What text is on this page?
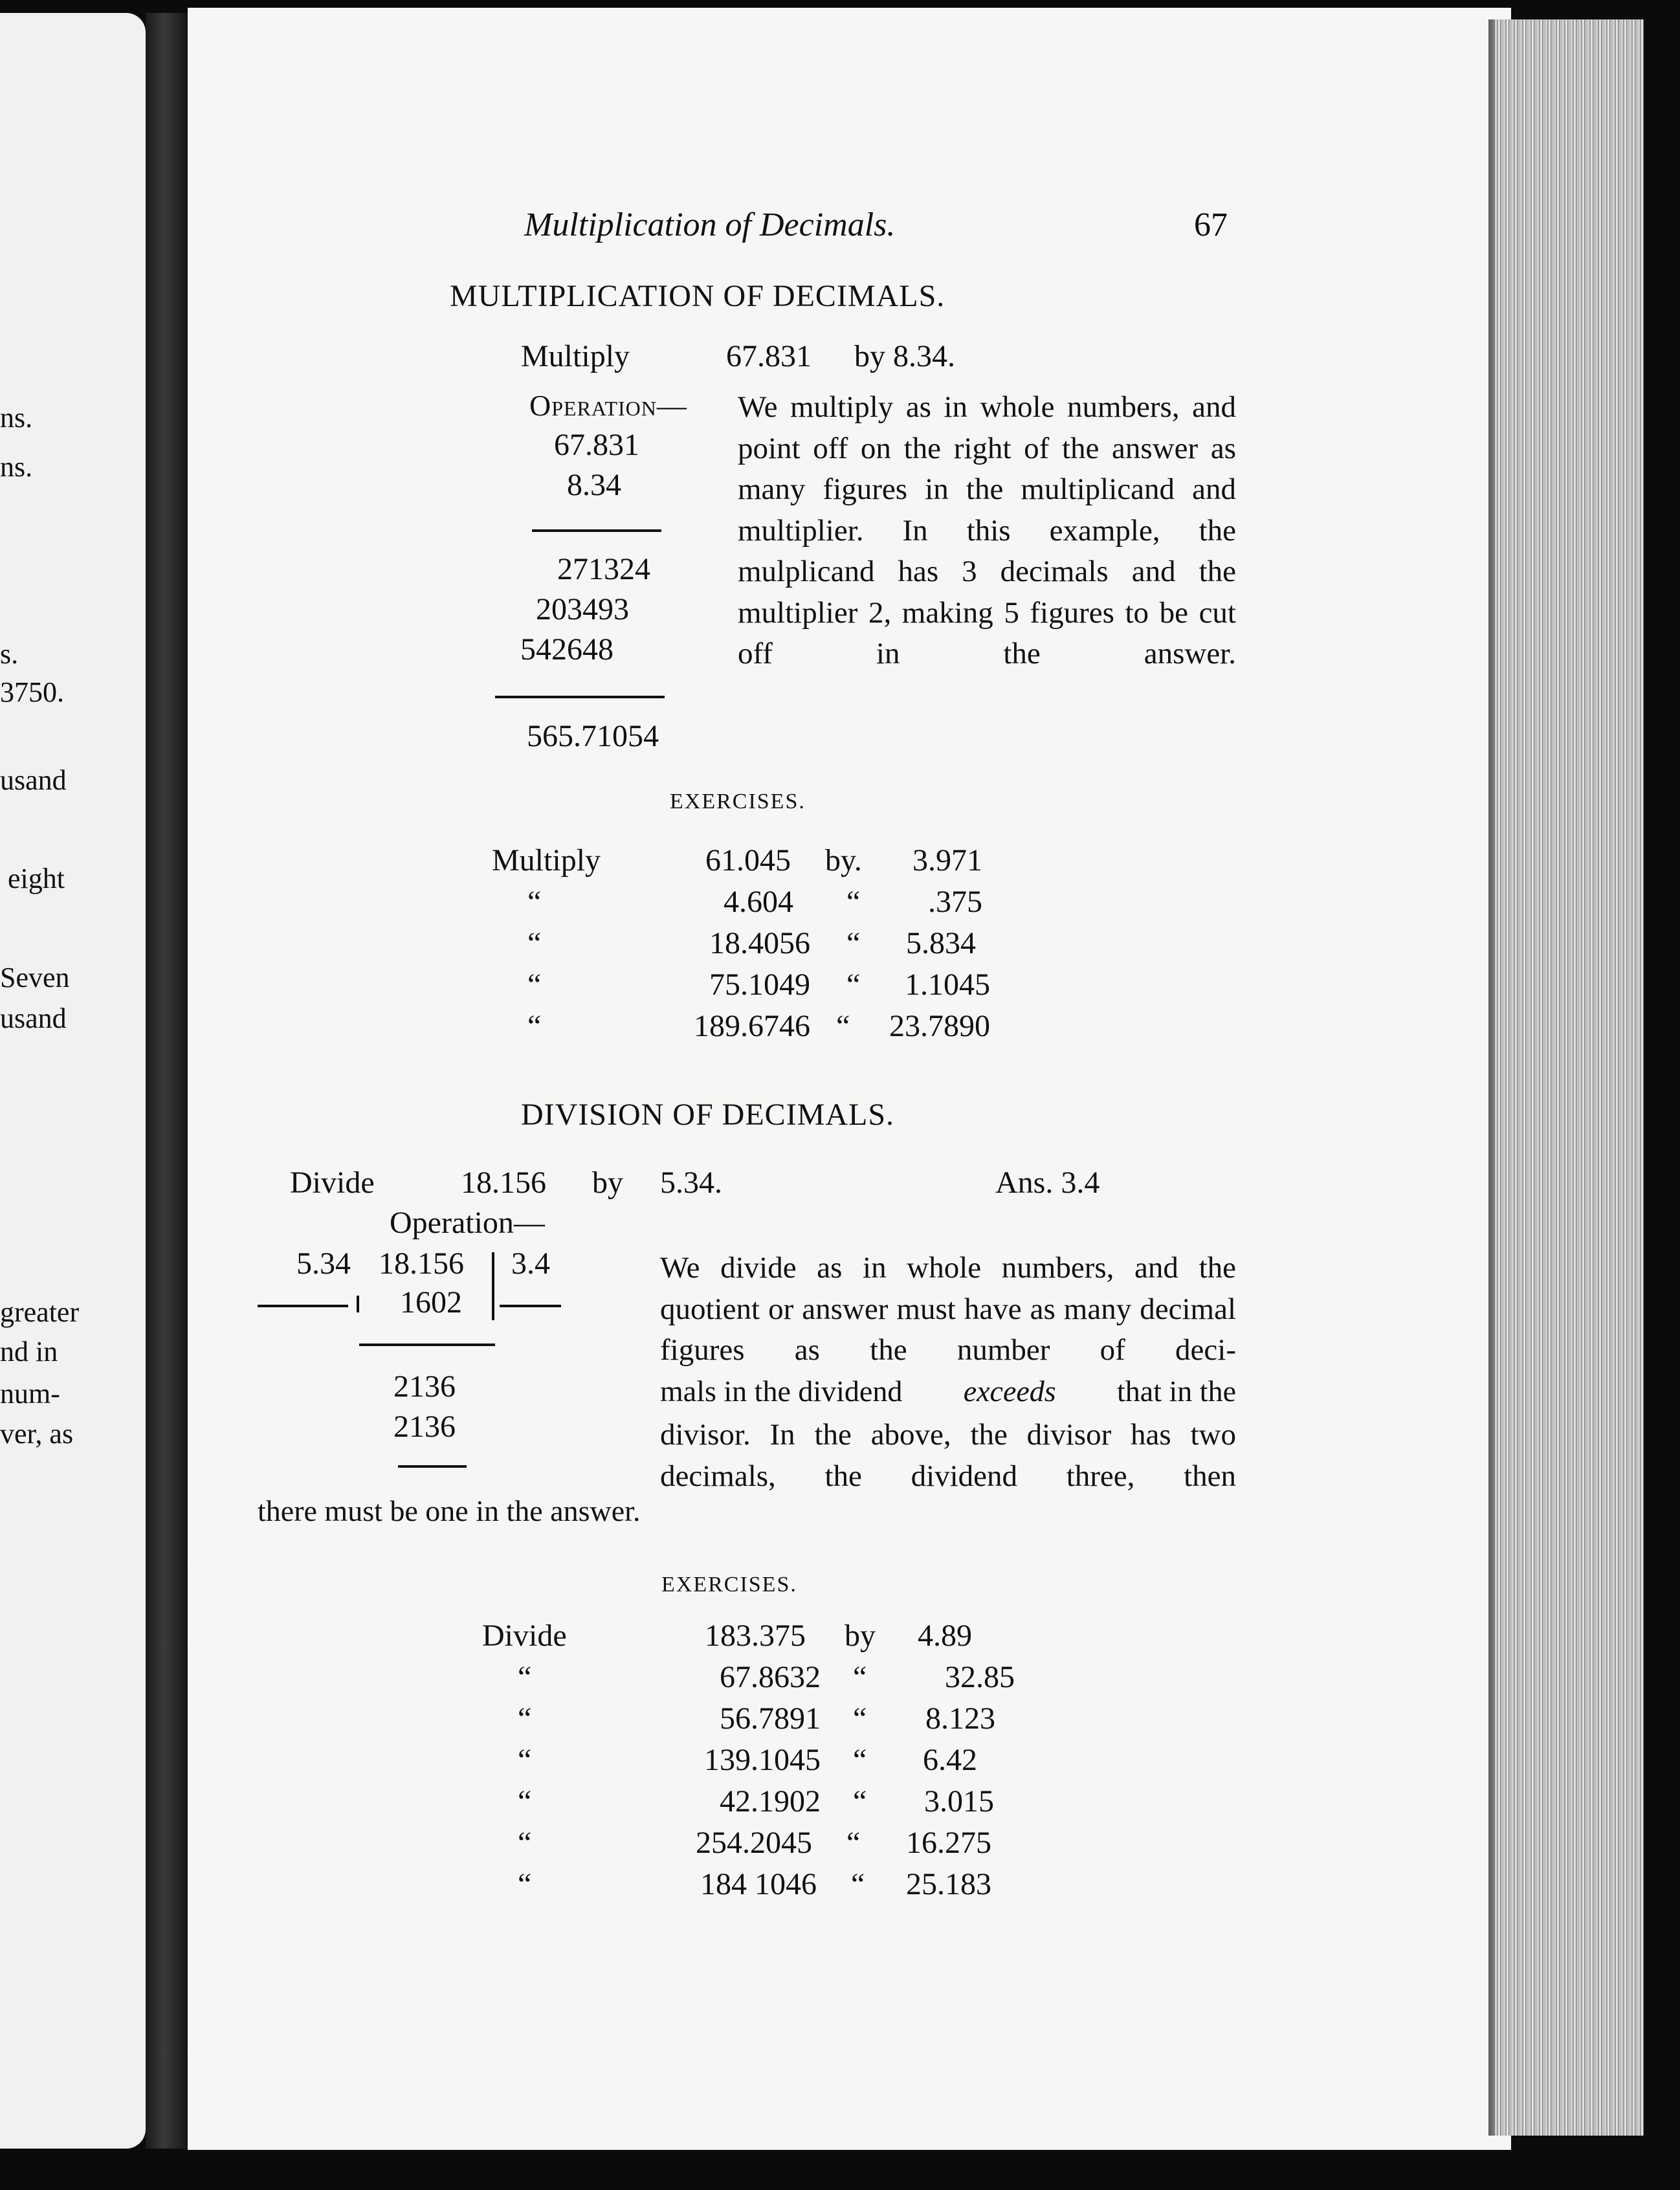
ns.
ns.
s.
3750.
usand
eight
Seven
usand
greater
nd in
num-
ver, as
Multiplication of Decimals.	67
MULTIPLICATION OF DECIMALS.
Multiply	67.831 by 8.34.
Operation—
67.831
8.34
271324
203493
542648
565.71054
We multiply as in whole numbers, and point off on the right of the answer as many figures in the multiplicand and multiplier. In this example, the mulplicand has 3 decimals and the multiplier 2, making 5 figures to be cut off in the answer.
EXERCISES.
Multiply	61.045 by.	3.971
“	4.604 “	.375
“	18.4056 “	5.834
“	75.1049 “	1.1045
“	189.6746 “	23.7890
DIVISION OF DECIMALS.
Divide	18.156 by 5.34.	Ans. 3.4
Operation—
5.34 18.156 3.4
1602
2136
2136
We divide as in whole numbers, and the quotient or answer must have as many decimal figures as the number of deci-
mals in the dividend exceeds that in the
divisor. In the above, the divisor has two decimals, the dividend three, then
there must be one in the answer.
EXERCISES.
Divide	183.375 by	4.89
“	67.8632 “	32.85
“	56.7891 “	8.123
“	139.1045 “	6.42
“	42.1902 “	3.015
“	254.2045 “	16.275
“	184 1046 “	25.183
